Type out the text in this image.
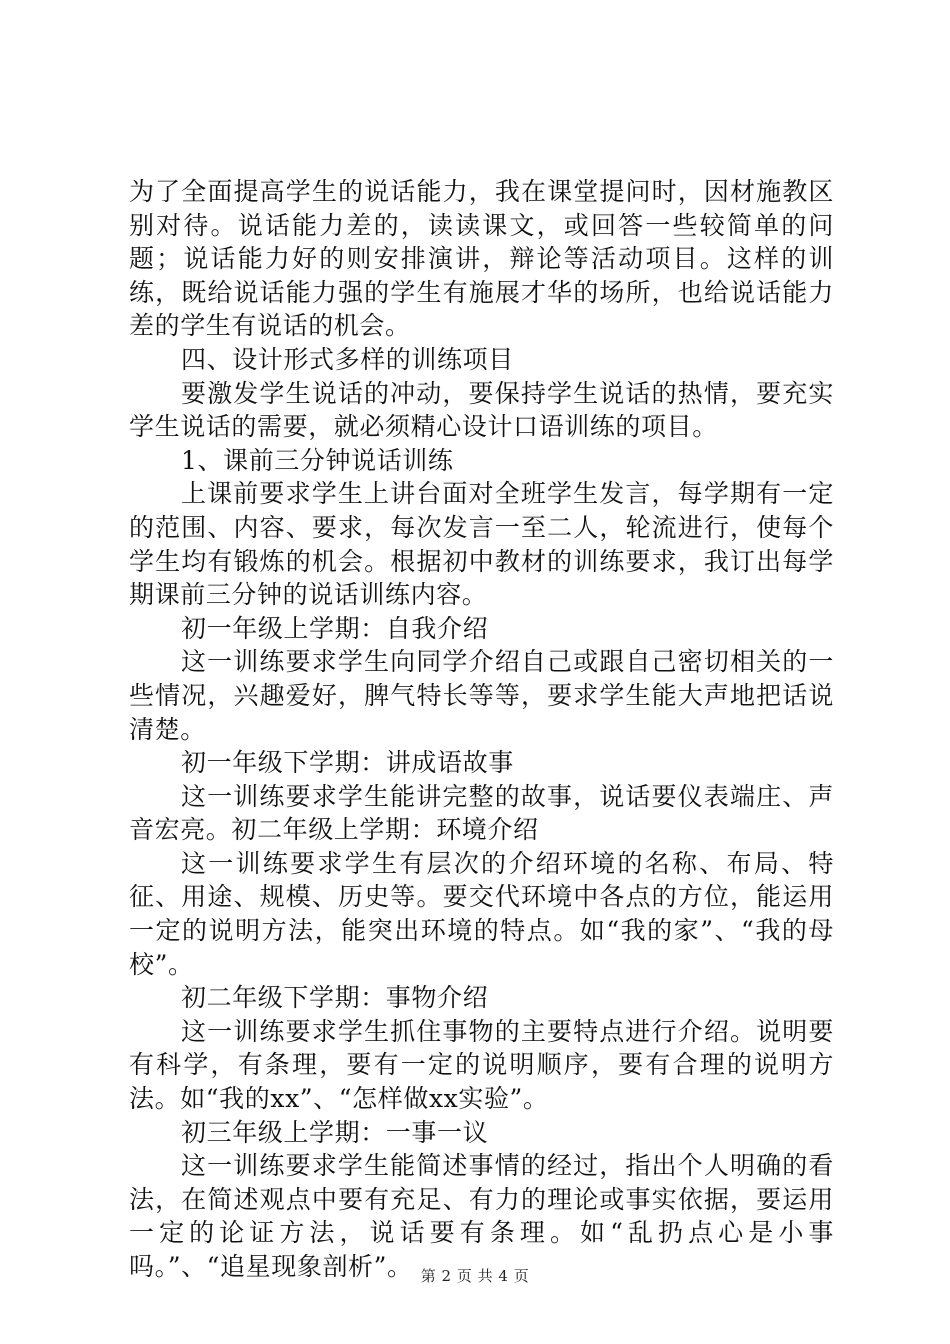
为了全面提高学生的说话能力，我在课堂提问时，因材施教区别对待。说话能力差的，读读课文，或回答一些较简单的问题；说话能力好的则安排演讲，辩论等活动项目。这样的训练，既给说话能力强的学生有施展才华的场所，也给说话能力差的学生有说话的机会。

四、设计形式多样的训练项目

要激发学生说话的冲动，要保持学生说话的热情，要充实学生说话的需要，就必须精心设计口语训练的项目。

1、课前三分钟说话训练

上课前要求学生上讲台面对全班学生发言，每学期有一定的范围、内容、要求，每次发言一至二人，轮流进行，使每个学生均有锻炼的机会。根据初中教材的训练要求，我订出每学期课前三分钟的说话训练内容。

初一年级上学期：自我介绍

这一训练要求学生向同学介绍自己或跟自己密切相关的一些情况，兴趣爱好，脾气特长等等，要求学生能大声地把话说清楚。

初一年级下学期：讲成语故事

这一训练要求学生能讲完整的故事，说话要仪表端庄、声音宏亮。初二年级上学期：环境介绍

这一训练要求学生有层次的介绍环境的名称、布局、特征、用途、规模、历史等。要交代环境中各点的方位，能运用一定的说明方法，能突出环境的特点。如“我的家”、“我的母校”。

初二年级下学期：事物介绍

这一训练要求学生抓住事物的主要特点进行介绍。说明要有科学，有条理，要有一定的说明顺序，要有合理的说明方法。如“我的xx”、“怎样做xx实验”。

初三年级上学期：一事一议

这一训练要求学生能简述事情的经过，指出个人明确的看法，在简述观点中要有充足、有力的理论或事实依据，要运用一定的论证方法，说话要有条理。如“乱扔点心是小事吗。”、“追星现象剖析”。 第 2 页 共 4 页
